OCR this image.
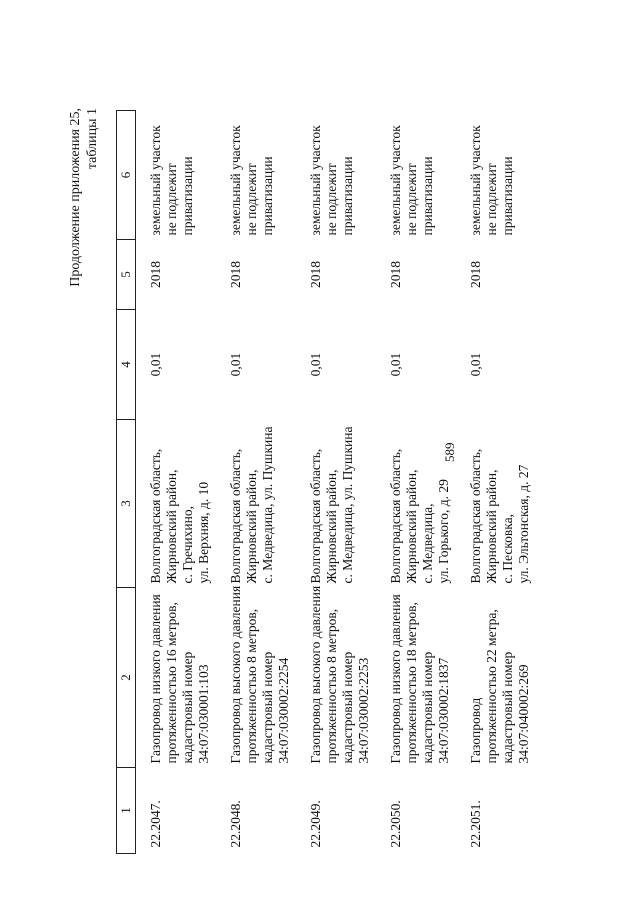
589
Продолжение приложения 25, таблицы 1
1	2	3	4	5	6
22.2047.	Газопровод низкого давления протяженностью 16 метров, кадастровый номер 34:07:030001:103	Волгоградская область, Жирновский район, с. Гречихино, ул. Верхняя, д. 10	0,01	2018	земельный участок не подлежит приватизации

22.2048.	Газопровод высокого давления протяженностью 8 метров, кадастровый номер 34:07:030002:2254	Волгоградская область, Жирновский район, с. Медведица, ул. Пушкина	0,01	2018	земельный участок не подлежит приватизации

22.2049.	Газопровод высокого давления протяженностью 8 метров, кадастровый номер 34:07:030002:2253	Волгоградская область, Жирновский район, с. Медведица, ул. Пушкина	0,01	2018	земельный участок не подлежит приватизации

22.2050.	Газопровод низкого давления протяженностью 18 метров, кадастровый номер 34:07:030002:1837	Волгоградская область, Жирновский район, с. Медведица, ул. Горького, д. 29	0,01	2018	земельный участок не подлежит приватизации

22.2051.	Газопровод протяженностью 22 метра, кадастровый номер 34:07:040002:269	Волгоградская область, Жирновский район, с. Песковка, ул. Эльтонская, д. 27	0,01	2018	земельный участок не подлежит приватизации
